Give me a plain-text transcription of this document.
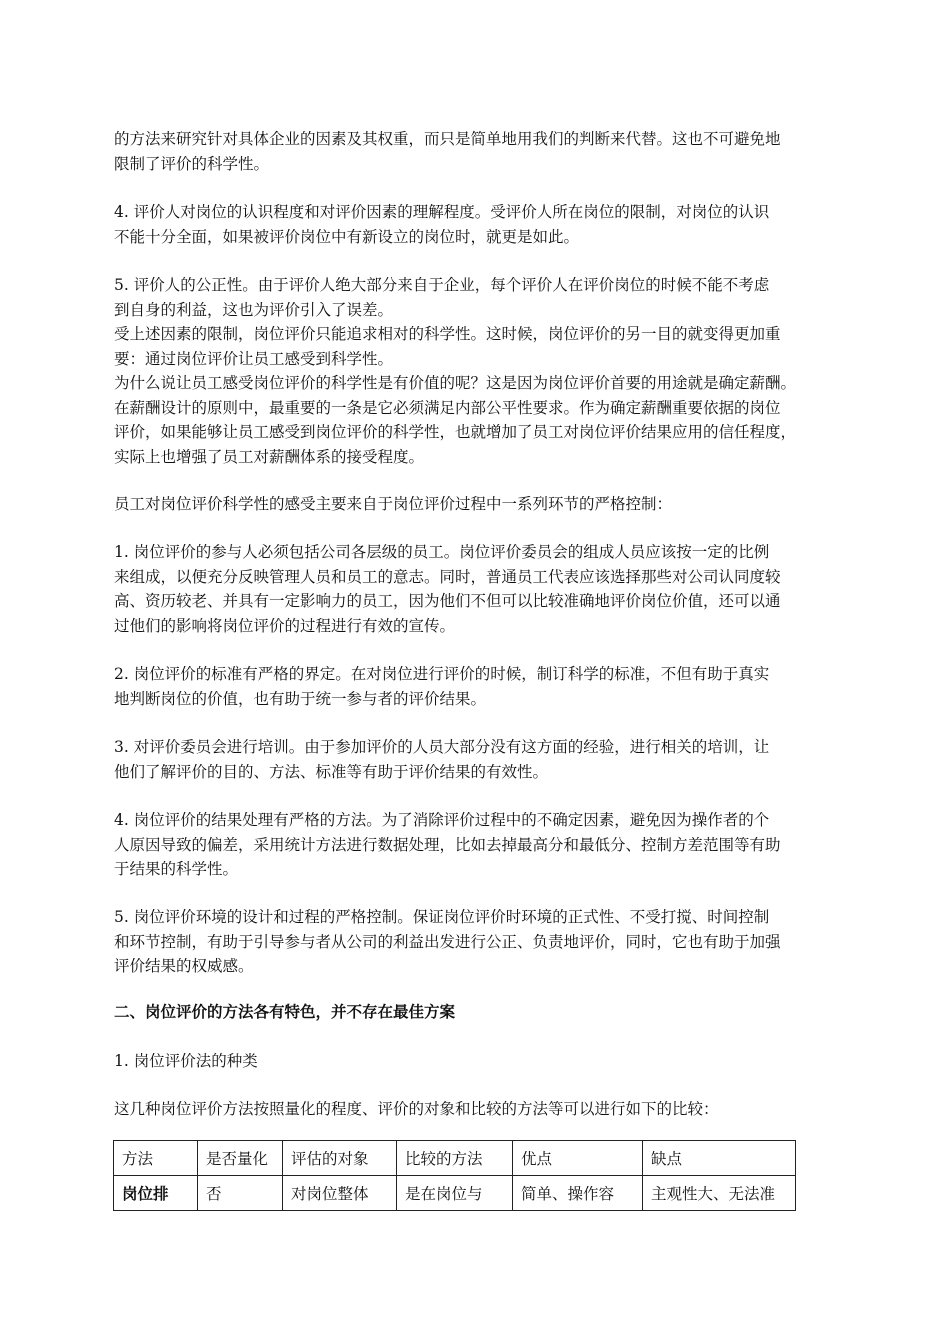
的方法来研究针对具体企业的因素及其权重，而只是简单地用我们的判断来代替。这也不可避免地
限制了评价的科学性。

4. 评价人对岗位的认识程度和对评价因素的理解程度。受评价人所在岗位的限制，对岗位的认识
不能十分全面，如果被评价岗位中有新设立的岗位时，就更是如此。

5. 评价人的公正性。由于评价人绝大部分来自于企业，每个评价人在评价岗位的时候不能不考虑
到自身的利益，这也为评价引入了误差。
受上述因素的限制，岗位评价只能追求相对的科学性。这时候，岗位评价的另一目的就变得更加重
要：通过岗位评价让员工感受到科学性。
为什么说让员工感受岗位评价的科学性是有价值的呢？这是因为岗位评价首要的用途就是确定薪酬。
在薪酬设计的原则中，最重要的一条是它必须满足内部公平性要求。作为确定薪酬重要依据的岗位
评价，如果能够让员工感受到岗位评价的科学性，也就增加了员工对岗位评价结果应用的信任程度，
实际上也增强了员工对薪酬体系的接受程度。

员工对岗位评价科学性的感受主要来自于岗位评价过程中一系列环节的严格控制：

1. 岗位评价的参与人必须包括公司各层级的员工。岗位评价委员会的组成人员应该按一定的比例
来组成，以便充分反映管理人员和员工的意志。同时，普通员工代表应该选择那些对公司认同度较
高、资历较老、并具有一定影响力的员工，因为他们不但可以比较准确地评价岗位价值，还可以通
过他们的影响将岗位评价的过程进行有效的宣传。

2. 岗位评价的标准有严格的界定。在对岗位进行评价的时候，制订科学的标准，不但有助于真实
地判断岗位的价值，也有助于统一参与者的评价结果。

3. 对评价委员会进行培训。由于参加评价的人员大部分没有这方面的经验，进行相关的培训，让
他们了解评价的目的、方法、标准等有助于评价结果的有效性。

4. 岗位评价的结果处理有严格的方法。为了消除评价过程中的不确定因素，避免因为操作者的个
人原因导致的偏差，采用统计方法进行数据处理，比如去掉最高分和最低分、控制方差范围等有助
于结果的科学性。

5. 岗位评价环境的设计和过程的严格控制。保证岗位评价时环境的正式性、不受打搅、时间控制
和环节控制，有助于引导参与者从公司的利益出发进行公正、负责地评价，同时，它也有助于加强
评价结果的权威感。

二、岗位评价的方法各有特色，并不存在最佳方案

1. 岗位评价法的种类

这几种岗位评价方法按照量化的程度、评价的对象和比较的方法等可以进行如下的比较：

方法	是否量化	评估的对象	比较的方法	优点	缺点
岗位排	否	对岗位整体	是在岗位与	简单、操作容	主观性大、无法准
